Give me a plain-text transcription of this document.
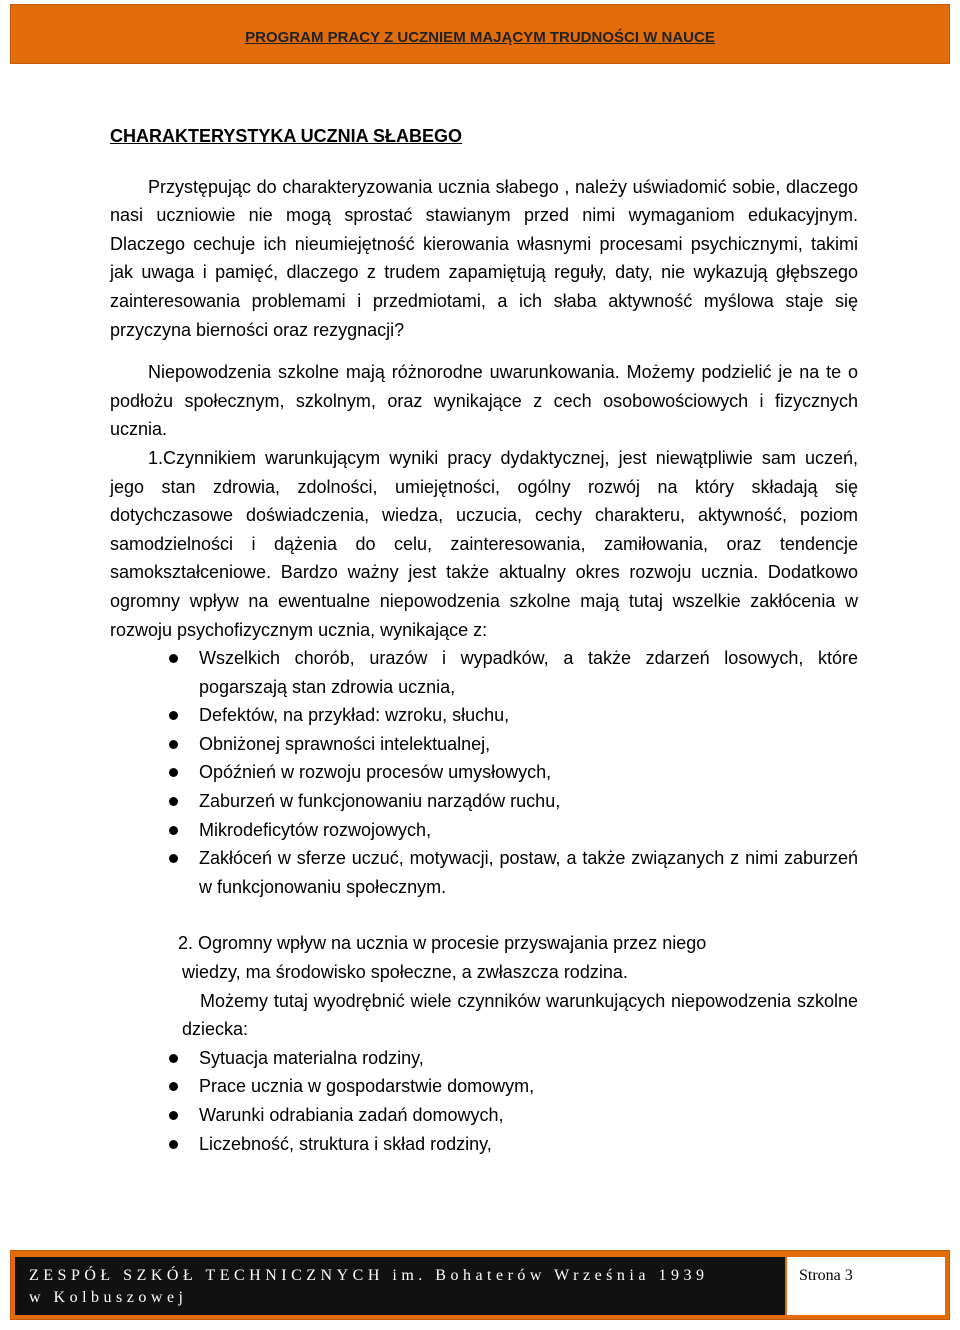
PROGRAM PRACY Z UCZNIEM MAJĄCYM TRUDNOŚCI W NAUCE
CHARAKTERYSTYKA UCZNIA SŁABEGO

Przystępując do charakteryzowania ucznia słabego , należy uświadomić sobie, dlaczego nasi uczniowie nie mogą sprostać stawianym przed nimi wymaganiom edukacyjnym. Dlaczego cechuje ich nieumiejętność kierowania własnymi procesami psychicznymi, takimi jak uwaga i pamięć, dlaczego z trudem zapamiętują reguły, daty, nie wykazują głębszego zainteresowania problemami i przedmiotami, a ich słaba aktywność myślowa staje się przyczyna bierności oraz rezygnacji?

Niepowodzenia szkolne mają różnorodne uwarunkowania. Możemy podzielić je na te o podłożu społecznym, szkolnym, oraz wynikające z cech osobowościowych i fizycznych ucznia.

1.Czynnikiem warunkującym wyniki pracy dydaktycznej, jest niewątpliwie sam uczeń, jego stan zdrowia, zdolności, umiejętności, ogólny rozwój na który składają się dotychczasowe doświadczenia, wiedza, uczucia, cechy charakteru, aktywność, poziom samodzielności i dążenia do celu, zainteresowania, zamiłowania, oraz tendencje samokształceniowe. Bardzo ważny jest także aktualny okres rozwoju ucznia. Dodatkowo ogromny wpływ na ewentualne niepowodzenia szkolne mają tutaj wszelkie zakłócenia w rozwoju psychofizycznym ucznia, wynikające z:

Wszelkich chorób, urazów i wypadków, a także zdarzeń losowych, które pogarszają stan zdrowia ucznia,
Defektów, na przykład: wzroku, słuchu,
Obniżonej sprawności intelektualnej,
Opóźnień w rozwoju procesów umysłowych,
Zaburzeń w funkcjonowaniu narządów ruchu,
Mikrodeficytów rozwojowych,
Zakłóceń w sferze uczuć, motywacji, postaw, a także związanych z nimi zaburzeń w funkcjonowaniu społecznym.

2. Ogromny wpływ na ucznia w procesie przyswajania przez niego

wiedzy, ma środowisko społeczne, a zwłaszcza rodzina.

Możemy tutaj wyodrębnić wiele czynników warunkujących niepowodzenia szkolne dziecka:

Sytuacja materialna rodziny,
Prace ucznia w gospodarstwie domowym,
Warunki odrabiania zadań domowych,
Liczebność, struktura i skład rodziny,
ZESPÓŁ SZKÓŁ TECHNICZNYCH im. Bohaterów Września 1939
w Kolbuszowej
Strona 3
